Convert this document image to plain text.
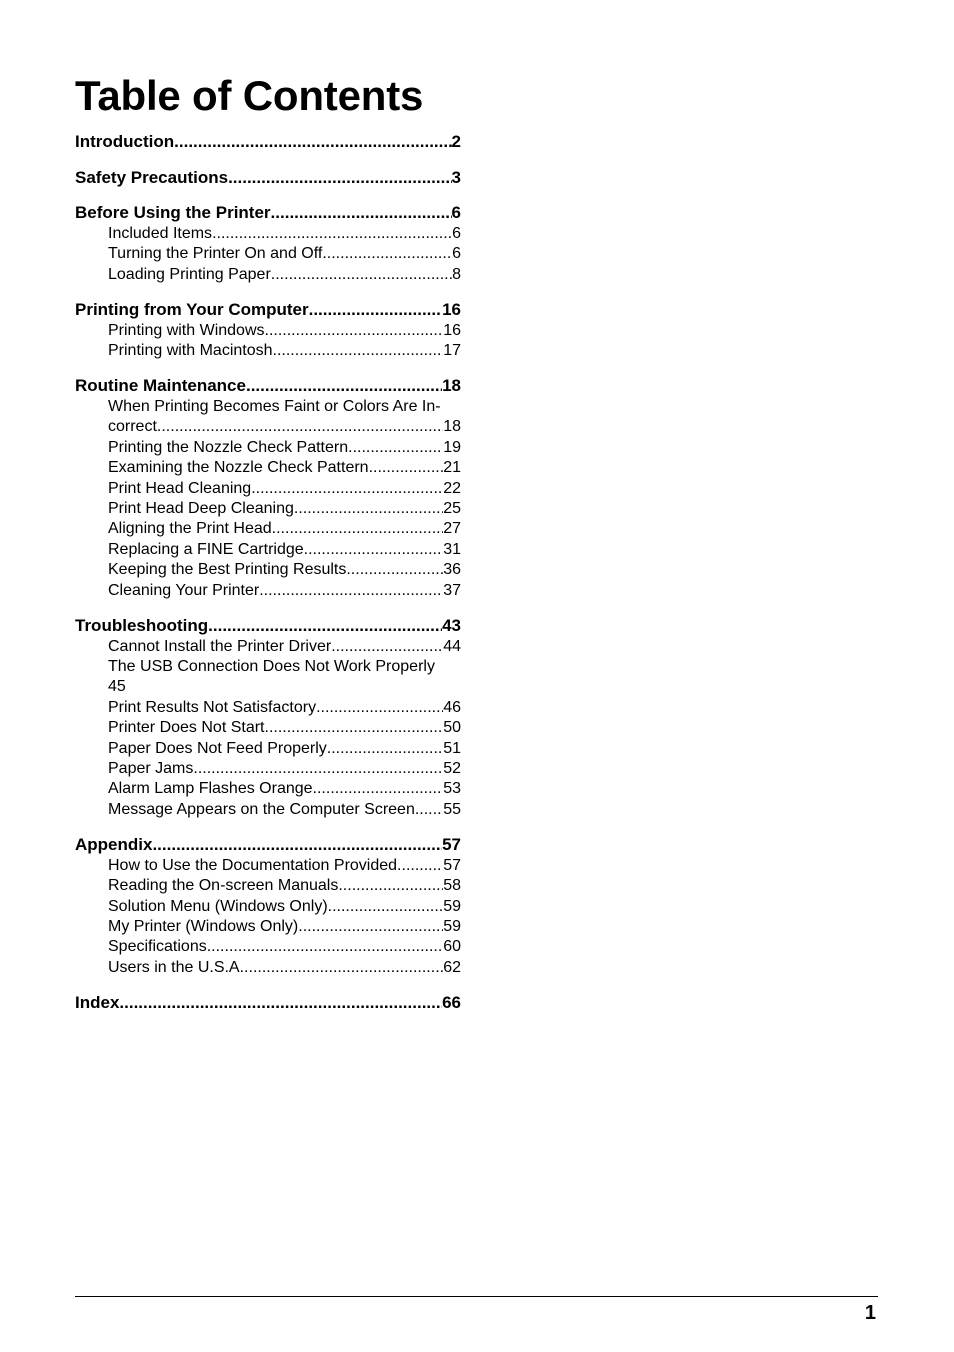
Table of Contents
Introduction .....	2
Safety Precautions .....	3
Before Using the Printer .....	6
Included Items .....	6
Turning the Printer On and Off .....	6
Loading Printing Paper .....	8
Printing from Your Computer .....	16
Printing with Windows .....	16
Printing with Macintosh .....	17
Routine Maintenance .....	18
When Printing Becomes Faint or Colors Are In-
correct .....	18
Printing the Nozzle Check Pattern .....	19
Examining the Nozzle Check Pattern .....	21
Print Head Cleaning .....	22
Print Head Deep Cleaning .....	25
Aligning the Print Head .....	27
Replacing a FINE Cartridge .....	31
Keeping the Best Printing Results .....	36
Cleaning Your Printer .....	37
Troubleshooting .....	43
Cannot Install the Printer Driver .....	44
The USB Connection Does Not Work Properly
45
Print Results Not Satisfactory .....	46
Printer Does Not Start .....	50
Paper Does Not Feed Properly .....	51
Paper Jams .....	52
Alarm Lamp Flashes Orange .....	53
Message Appears on the Computer Screen ..... 55
Appendix .....	57
How to Use the Documentation Provided .....	57
Reading the On-screen Manuals .....	58
Solution Menu (Windows Only) .....	59
My Printer (Windows Only) .....	59
Specifications .....	60
Users in the U.S.A. .....	62
Index .....	66
1
